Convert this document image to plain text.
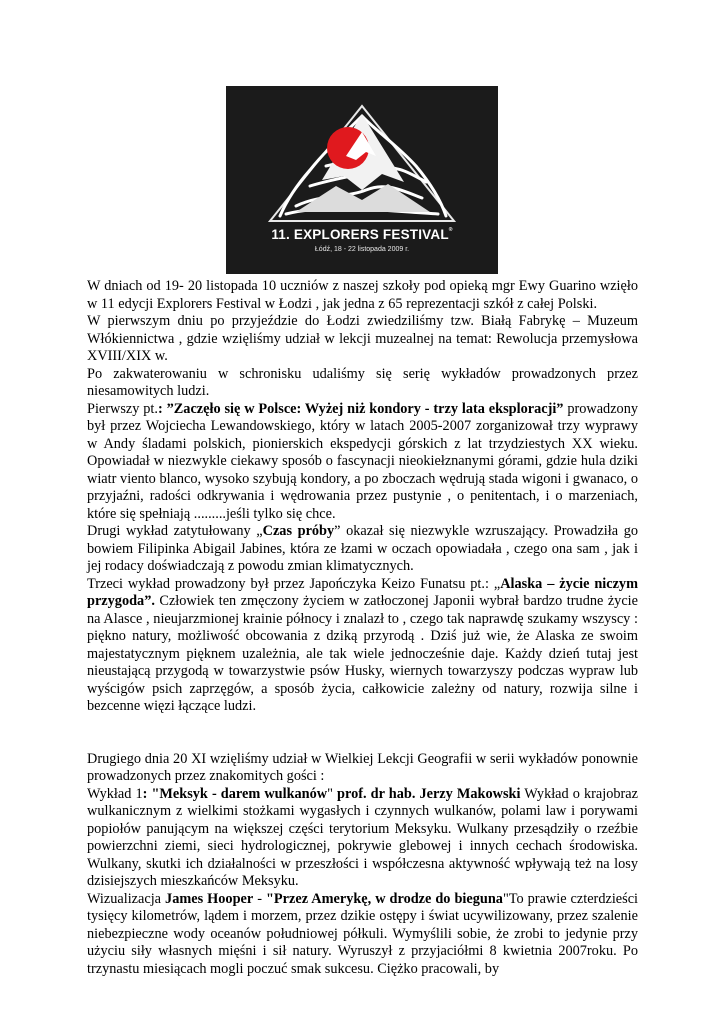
11. EXPLORERS FESTIVAL®
Łódź, 18 - 22 listopada 2009 r.

W dniach od 19- 20 listopada 10 uczniów z naszej szkoły pod opieką mgr Ewy Guarino wzięło w 11 edycji Explorers Festival w Łodzi , jak jedna z 65 reprezentacji szkół z całej Polski.

W pierwszym dniu po przyjeździe do Łodzi zwiedziliśmy tzw. Białą Fabrykę – Muzeum Włókiennictwa , gdzie wzięliśmy udział w lekcji muzealnej na temat: Rewolucja przemysłowa XVIII/XIX w.

Po zakwaterowaniu w schronisku udaliśmy się serię wykładów prowadzonych przez niesamowitych ludzi.

Pierwszy pt.: ”Zaczęło się w Polsce: Wyżej niż kondory - trzy lata eksploracji” prowadzony był przez Wojciecha Lewandowskiego, który w latach 2005-2007 zorganizował trzy wyprawy w Andy śladami polskich, pionierskich ekspedycji górskich z lat trzydziestych XX wieku. Opowiadał w niezwykle ciekawy sposób o fascynacji nieokiełznanymi górami, gdzie hula dziki wiatr viento blanco, wysoko szybują kondory, a po zboczach wędrują stada wigoni i gwanaco, o przyjaźni, radości odkrywania i wędrowania przez pustynie , o penitentach, i o marzeniach, które się spełniają .........jeśli tylko się chce.

Drugi wykład zatytułowany „Czas próby” okazał się niezwykle wzruszający. Prowadziła go bowiem Filipinka Abigail Jabines, która ze łzami w oczach opowiadała , czego ona sam , jak i jej rodacy doświadczają z powodu zmian klimatycznych.

Trzeci wykład prowadzony był przez Japończyka Keizo Funatsu pt.: „Alaska – życie niczym przygoda”. Człowiek ten zmęczony życiem w zatłoczonej Japonii wybrał bardzo trudne życie na Alasce , nieujarzmionej krainie północy i znalazł to , czego tak naprawdę szukamy wszyscy : piękno natury, możliwość obcowania z dziką przyrodą . Dziś już wie, że Alaska ze swoim majestatycznym pięknem uzależnia, ale tak wiele jednocześnie daje. Każdy dzień tutaj jest nieustającą przygodą w towarzystwie psów Husky, wiernych towarzyszy podczas wypraw lub wyścigów psich zaprzęgów, a sposób życia, całkowicie zależny od natury, rozwija silne i bezcenne więzi łączące ludzi.

Drugiego dnia 20 XI wzięliśmy udział w Wielkiej Lekcji Geografii w serii wykładów ponownie prowadzonych przez znakomitych gości :

Wykład 1: "Meksyk - darem wulkanów" prof. dr hab. Jerzy Makowski Wykład o krajobraz wulkanicznym z wielkimi stożkami wygasłych i czynnych wulkanów, polami law i porywami popiołów panującym na większej części terytorium Meksyku. Wulkany przesądziły o rzeźbie powierzchni ziemi, sieci hydrologicznej, pokrywie glebowej i innych cechach środowiska. Wulkany, skutki ich działalności w przeszłości i współczesna aktywność wpływają też na losy dzisiejszych mieszkańców Meksyku.

Wizualizacja James Hooper - "Przez Amerykę, w drodze do bieguna"To prawie czterdzieści tysięcy kilometrów, lądem i morzem, przez dzikie ostępy i świat ucywilizowany, przez szalenie niebezpieczne wody oceanów południowej półkuli. Wymyślili sobie, że zrobi to jedynie przy użyciu siły własnych mięśni i sił natury. Wyruszył z przyjaciółmi 8 kwietnia 2007roku. Po trzynastu miesiącach mogli poczuć smak sukcesu. Ciężko pracowali, by
